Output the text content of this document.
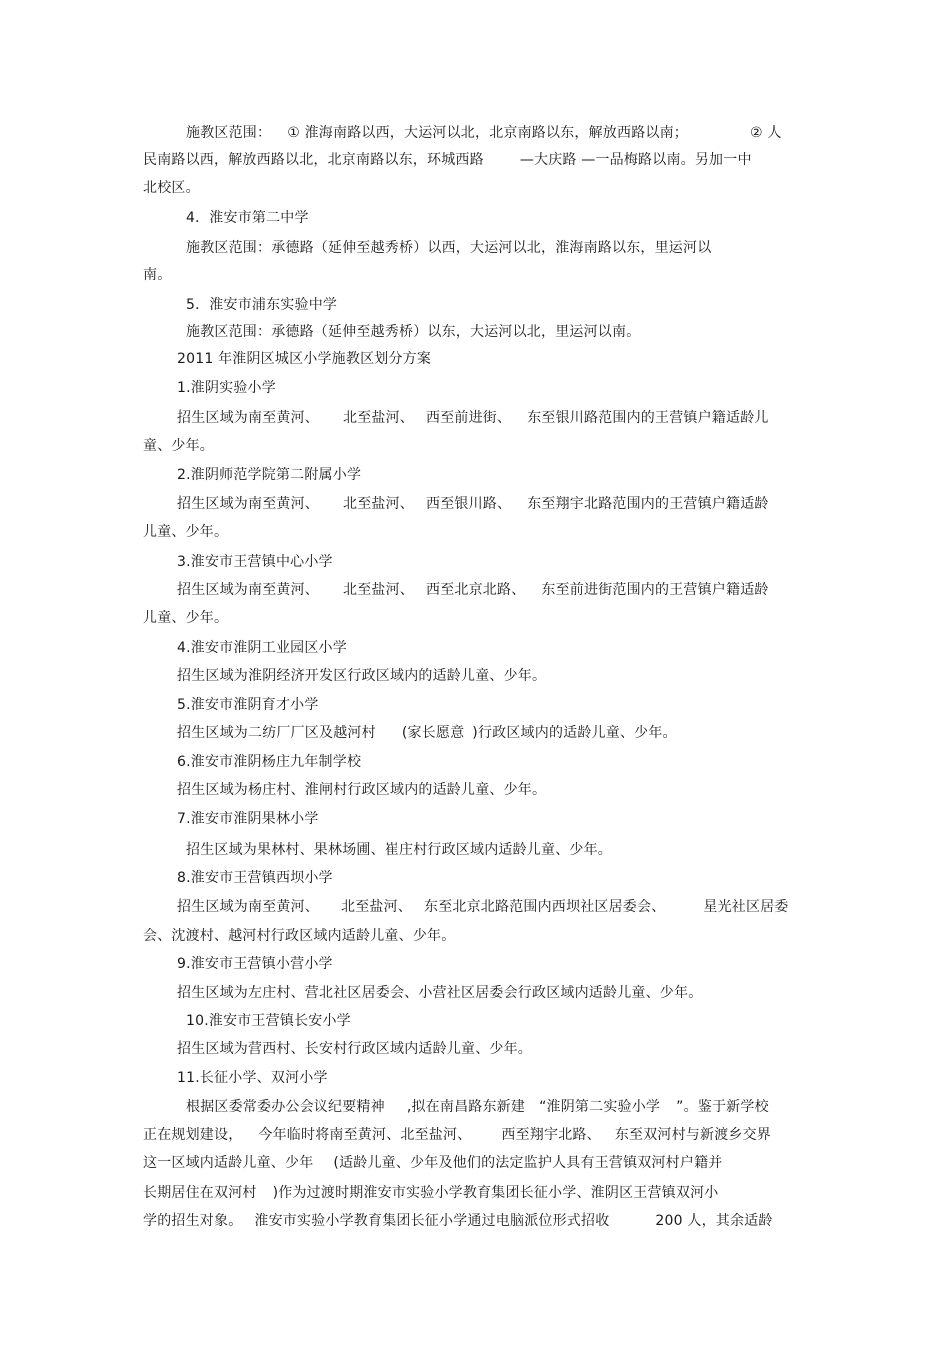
施教区范围： ① 淮海南路以西，大运河以北，北京南路以东，解放西路以南；	② 人

民南路以西，解放西路以北，北京南路以东，环城西路	—大庆路 —一品梅路以南。另加一中

北校区。

4．淮安市第二中学

施教区范围：承德路（延伸至越秀桥）以西，大运河以北，淮海南路以东，里运河以

南。

5．淮安市浦东实验中学

施教区范围：承德路（延伸至越秀桥）以东，大运河以北，里运河以南。

2011 年淮阴区城区小学施教区划分方案

1.淮阴实验小学

招生区域为南至黄河、 北至盐河、 西至前进街、 东至银川路范围内的王营镇户籍适龄儿

童、少年。

2.淮阴师范学院第二附属小学

招生区域为南至黄河、 北至盐河、 西至银川路、 东至翔宇北路范围内的王营镇户籍适龄

儿童、少年。

3.淮安市王营镇中心小学

招生区域为南至黄河、 北至盐河、 西至北京北路、 东至前进街范围内的王营镇户籍适龄

儿童、少年。

4.淮安市淮阴工业园区小学

招生区域为淮阴经济开发区行政区域内的适龄儿童、少年。

5.淮安市淮阴育才小学

招生区域为二纺厂厂区及越河村 (家长愿意 )行政区域内的适龄儿童、少年。

6.淮安市淮阴杨庄九年制学校

招生区域为杨庄村、淮闸村行政区域内的适龄儿童、少年。

7.淮安市淮阴果林小学

招生区域为果林村、果林场圃、崔庄村行政区域内适龄儿童、少年。

8.淮安市王营镇西坝小学

招生区域为南至黄河、 北至盐河、 东至北京北路范围内西坝社区居委会、	星光社区居委

会、沈渡村、越河村行政区域内适龄儿童、少年。

9.淮安市王营镇小营小学

招生区域为左庄村、营北社区居委会、小营社区居委会行政区域内适龄儿童、少年。

10.淮安市王营镇长安小学

招生区域为营西村、长安村行政区域内适龄儿童、少年。

11.长征小学、双河小学

根据区委常委办公会议纪要精神 ,拟在南昌路东新建 “淮阴第二实验小学 ”。鉴于新学校

正在规划建设， 今年临时将南至黄河、北至盐河、 西至翔宇北路、 东至双河村与新渡乡交界

这一区域内适龄儿童、少年 (适龄儿童、少年及他们的法定监护人具有王营镇双河村户籍并

长期居住在双河村 )作为过渡时期淮安市实验小学教育集团长征小学、淮阴区王营镇双河小

学的招生对象。 淮安市实验小学教育集团长征小学通过电脑派位形式招收	200 人，其余适龄
